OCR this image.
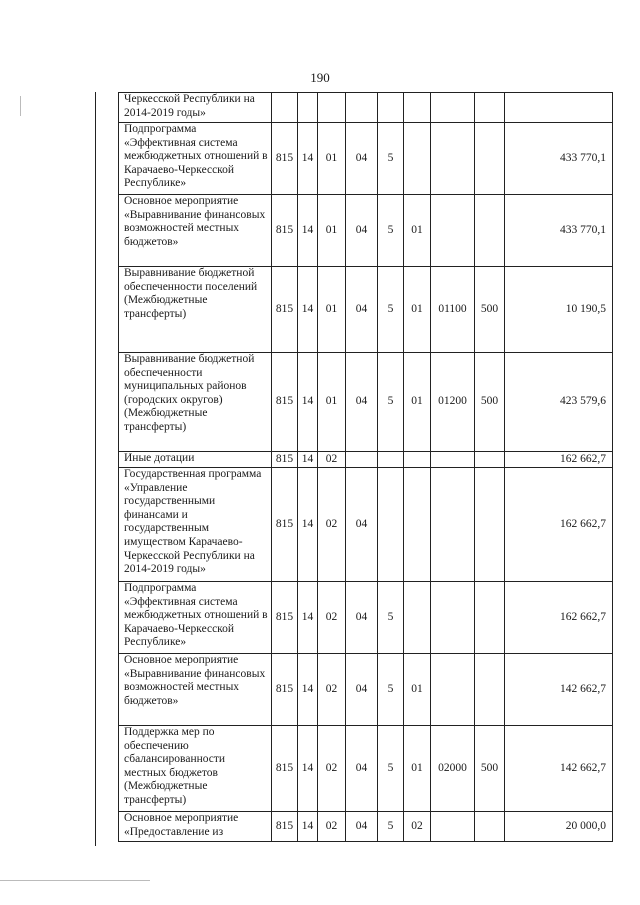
190
Черкесской Республики на 2014-2019 годы»									
Подпрограмма «Эффективная система межбюджетных отношений в Карачаево-Черкесской Республике»	815	14	01	04	5				433 770,1
Основное мероприятие «Выравнивание финансовых возможностей местных бюджетов»	815	14	01	04	5	01			433 770,1
Выравнивание бюджетной обеспеченности поселений (Межбюджетные трансферты)	815	14	01	04	5	01	01100	500	10 190,5
Выравнивание бюджетной обеспеченности муниципальных районов (городских округов) (Межбюджетные трансферты)	815	14	01	04	5	01	01200	500	423 579,6
Иные дотации	815	14	02						162 662,7
Государственная программа «Управление государственными финансами и государственным имуществом Карачаево-Черкесской Республики на 2014-2019 годы»	815	14	02	04					162 662,7
Подпрограмма «Эффективная система межбюджетных отношений в Карачаево-Черкесской Республике»	815	14	02	04	5				162 662,7
Основное мероприятие «Выравнивание финансовых возможностей местных бюджетов»	815	14	02	04	5	01			142 662,7
Поддержка мер по обеспечению сбалансированности местных бюджетов (Межбюджетные трансферты)	815	14	02	04	5	01	02000	500	142 662,7
Основное мероприятие «Предоставление из	815	14	02	04	5	02			20 000,0
